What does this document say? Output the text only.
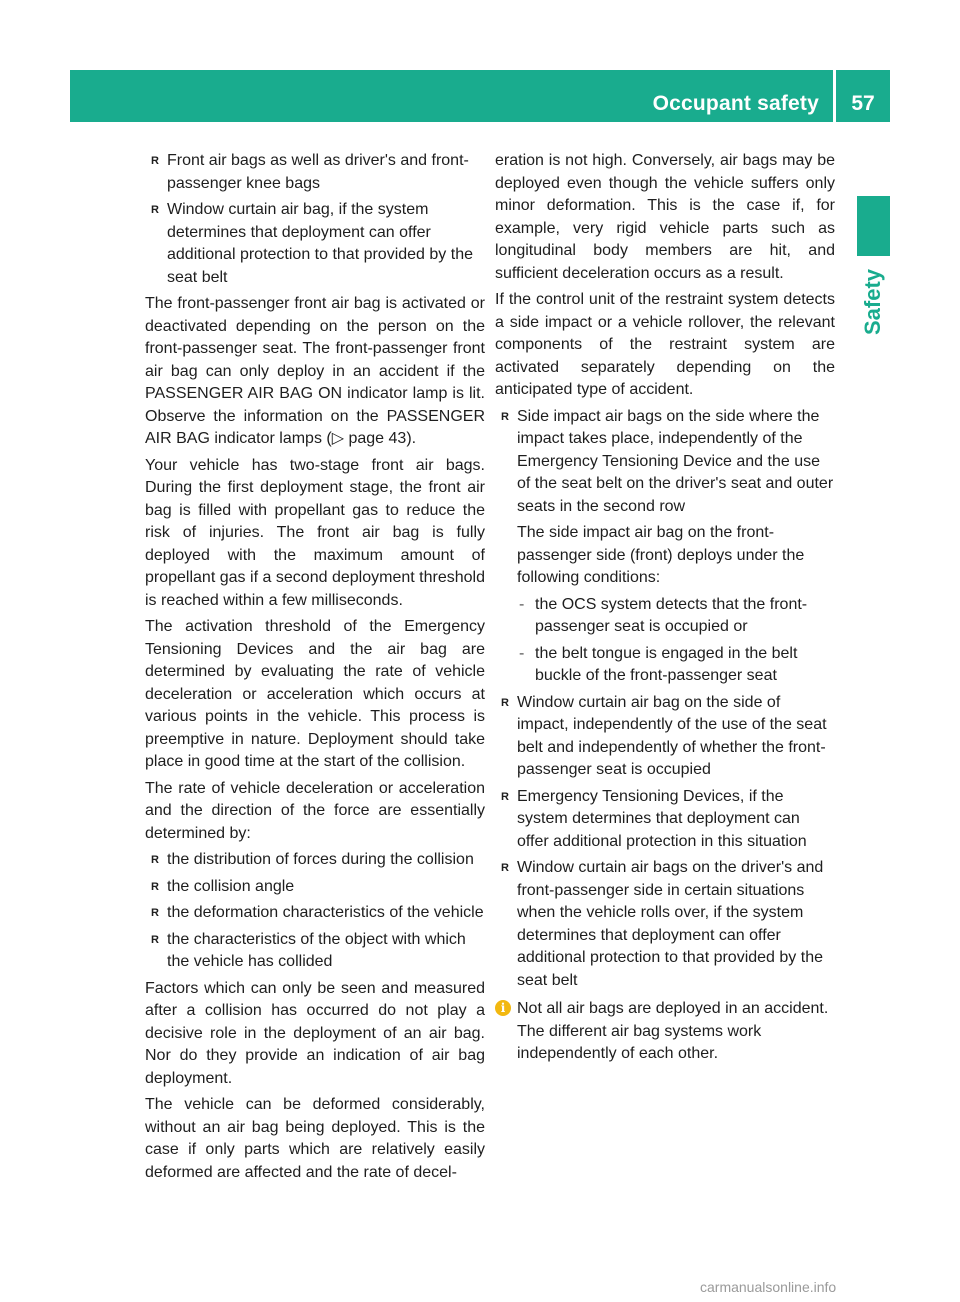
Occupant safety	57
Safety
R Front air bags as well as driver's and front-passenger knee bags
R Window curtain air bag, if the system determines that deployment can offer additional protection to that provided by the seat belt
The front-passenger front air bag is activated or deactivated depending on the person on the front-passenger seat. The front-passenger front air bag can only deploy in an accident if the PASSENGER AIR BAG ON indicator lamp is lit. Observe the information on the PASSENGER AIR BAG indicator lamps (▷ page 43).
Your vehicle has two-stage front air bags. During the first deployment stage, the front air bag is filled with propellant gas to reduce the risk of injuries. The front air bag is fully deployed with the maximum amount of propellant gas if a second deployment threshold is reached within a few milliseconds.
The activation threshold of the Emergency Tensioning Devices and the air bag are determined by evaluating the rate of vehicle deceleration or acceleration which occurs at various points in the vehicle. This process is preemptive in nature. Deployment should take place in good time at the start of the collision.
The rate of vehicle deceleration or acceleration and the direction of the force are essentially determined by:
R the distribution of forces during the collision
R the collision angle
R the deformation characteristics of the vehicle
R the characteristics of the object with which the vehicle has collided
Factors which can only be seen and measured after a collision has occurred do not play a decisive role in the deployment of an air bag. Nor do they provide an indication of air bag deployment.
The vehicle can be deformed considerably, without an air bag being deployed. This is the case if only parts which are relatively easily deformed are affected and the rate of decel-
eration is not high. Conversely, air bags may be deployed even though the vehicle suffers only minor deformation. This is the case if, for example, very rigid vehicle parts such as longitudinal body members are hit, and sufficient deceleration occurs as a result.
If the control unit of the restraint system detects a side impact or a vehicle rollover, the relevant components of the restraint system are activated separately depending on the anticipated type of accident.
R Side impact air bags on the side where the impact takes place, independently of the Emergency Tensioning Device and the use of the seat belt on the driver's seat and outer seats in the second row
The side impact air bag on the front-passenger side (front) deploys under the following conditions:
- the OCS system detects that the front-passenger seat is occupied or
- the belt tongue is engaged in the belt buckle of the front-passenger seat
R Window curtain air bag on the side of impact, independently of the use of the seat belt and independently of whether the front-passenger seat is occupied
R Emergency Tensioning Devices, if the system determines that deployment can offer additional protection in this situation
R Window curtain air bags on the driver's and front-passenger side in certain situations when the vehicle rolls over, if the system determines that deployment can offer additional protection to that provided by the seat belt
i Not all air bags are deployed in an accident. The different air bag systems work independently of each other.
carmanualsonline.info
